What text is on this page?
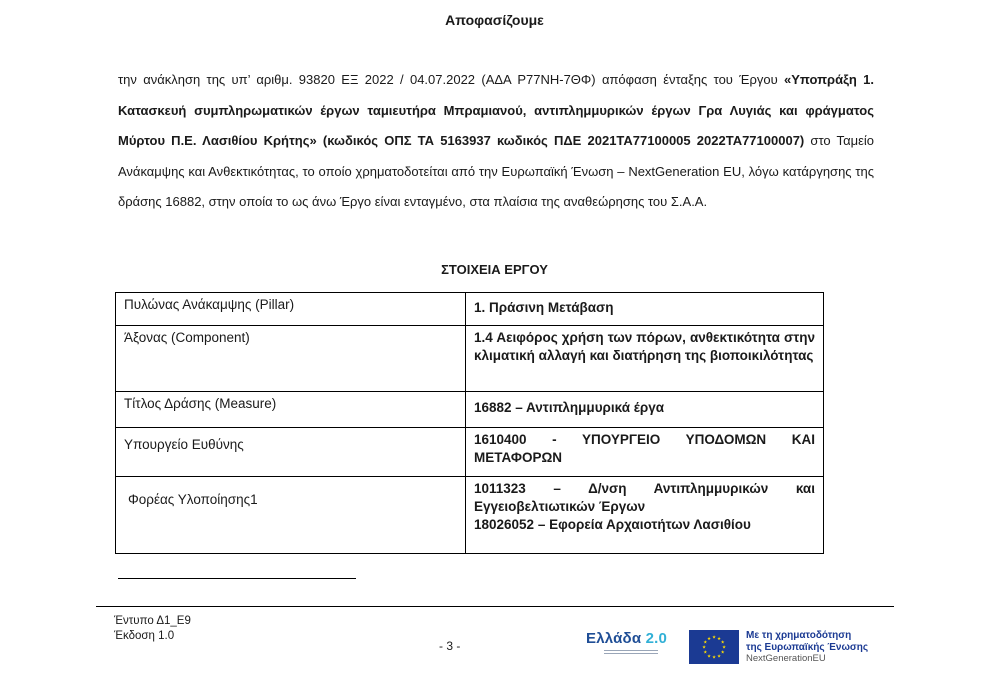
Αποφασίζουμε
την ανάκληση της υπ’ αριθμ. 93820 ΕΞ 2022 / 04.07.2022 (ΑΔΑ Ρ77ΝΗ-7ΘΦ) απόφαση ένταξης του Έργου «Υποπράξη 1. Κατασκευή συμπληρωματικών έργων ταμιευτήρα Μπραμιανού, αντιπλημμυρικών έργων Γρα Λυγιάς και φράγματος Μύρτου Π.Ε. Λασιθίου Κρήτης» (κωδικός ΟΠΣ ΤΑ 5163937 κωδικός ΠΔΕ 2021ΤΑ77100005 2022ΤΑ77100007) στο Ταμείο Ανάκαμψης και Ανθεκτικότητας, το οποίο χρηματοδοτείται από την Ευρωπαϊκή Ένωση – NextGeneration EU, λόγω κατάργησης της δράσης 16882, στην οποία το ως άνω Έργο είναι ενταγμένο, στα πλαίσια της αναθεώρησης του Σ.Α.Α.
ΣΤΟΙΧΕΙΑ ΕΡΓΟΥ
Πυλώνας Ανάκαμψης (Pillar)	1. Πράσινη Μετάβαση
Άξονας (Component)	1.4 Αειφόρος χρήση των πόρων, ανθεκτικότητα στην κλιματική αλλαγή και διατήρηση της βιοποικιλότητας
Τίτλος Δράσης (Measure)	16882 – Αντιπλημμυρικά έργα
Υπουργείο Ευθύνης	1610400 - ΥΠΟΥΡΓΕΙΟ ΥΠΟΔΟΜΩΝ ΚΑΙ ΜΕΤΑΦΟΡΩΝ
Φορέας Υλοποίησης1	1011323 – Δ/νση Αντιπλημμυρικών και Εγγειοβελτιωτικών Έργων
18026052 – Εφορεία Αρχαιοτήτων Λασιθίου
Έντυπο Δ1_Ε9
Έκδοση 1.0
- 3 -	Ελλάδα 2.0	★ ★
★
★
★
★
★
★
★
★
★
★	Με τη χρηματοδότηση
της Ευρωπαϊκής Ένωσης
NextGenerationEU
